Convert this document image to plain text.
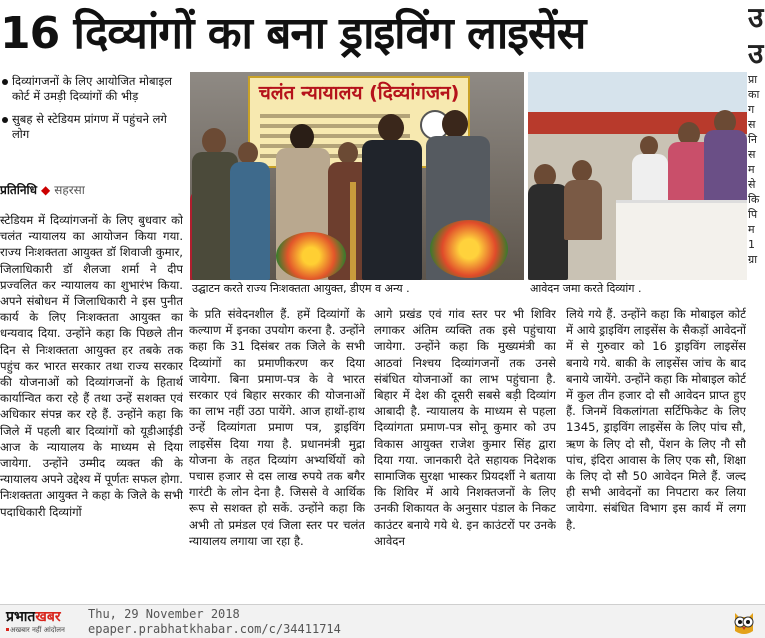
16 दिव्यांगों का बना ड्राइविंग लाइसेंस	उ
उ
प्रा का ग स नि स म से कि पि म 1 ग्रा
दिव्यांगजनों के लिए आयोजित मोबाइल कोर्ट में उमड़ी दिव्यांगों की भीड़
सुबह से स्टेडियम प्रांगण में पहुंचने लगे लोग
प्रतिनिधि ◆ सहरसा
स्टेडियम में दिव्यांगजनों के लिए बुधवार को चलंत न्यायालय का आयोजन किया गया. राज्य निःशक्तता आयुक्त डॉ शिवाजी कुमार, जिलाधिकारी डॉ शैलजा शर्मा ने दीप प्रज्वलित कर न्यायालय का शुभारंभ किया. अपने संबोधन में जिलाधिकारी ने इस पुनीत कार्य के लिए निःशक्तता आयुक्त का धन्यवाद दिया. उन्होंने कहा कि पिछले तीन दिन से निःशक्तता आयुक्त हर तबके तक पहुंच कर भारत सरकार तथा राज्य सरकार की योजनाओं को दिव्यांगजनों के हितार्थ कार्यान्वित करा रहे हैं तथा उन्हें सशक्त एवं अधिकार संपन्न कर रहे हैं. उन्होंने कहा कि जिले में पहली बार दिव्यांगों को यूडीआईडी आज के न्यायालय के माध्यम से दिया जायेगा. उन्होंने उम्मीद व्यक्त की के न्यायालय अपने उद्देश्य में पूर्णतः सफल होगा. निःशक्तता आयुक्त ने कहा के जिले के सभी पदाधिकारी दिव्यांगों
के प्रति संवेदनशील हैं. हमें दिव्यांगों के कल्याण में इनका उपयोग करना है. उन्होंने कहा कि 31 दिसंबर तक जिले के सभी दिव्यांगों का प्रमाणीकरण कर दिया जायेगा. बिना प्रमाण-पत्र के वे भारत सरकार एवं बिहार सरकार की योजनाओं का लाभ नहीं उठा पायेंगे. आज हाथों-हाथ उन्हें दिव्यांगता प्रमाण पत्र, ड्राइविंग लाइसेंस दिया गया है. प्रधानमंत्री मुद्रा योजना के तहत दिव्यांग अभ्यर्थियों को पचास हजार से दस लाख रुपये तक बगैर गारंटी के लोन देना है. जिससे वे आर्थिक रूप से सशक्त हो सकें. उन्होंने कहा कि अभी तो प्रमंडल एवं जिला स्तर पर चलंत न्यायालय लगाया जा रहा है.
आगे प्रखंड एवं गांव स्तर पर भी शिविर लगाकर अंतिम व्यक्ति तक इसे पहुंचाया जायेगा. उन्होंने कहा कि मुख्यमंत्री का आठवां निश्चय दिव्यांगजनों तक उनसे संबंधित योजनाओं का लाभ पहुंचाना है. बिहार में देश की दूसरी सबसे बड़ी दिव्यांग आबादी है. न्यायालय के माध्यम से पहला दिव्यांगता प्रमाण-पत्र सोनू कुमार को उप विकास आयुक्त राजेश कुमार सिंह द्वारा दिया गया. जानकारी देते सहायक निदेशक सामाजिक सुरक्षा भास्कर प्रियदर्शी ने बताया कि शिविर में आये निशक्तजनों के लिए उनकी शिकायत के अनुसार पंडाल के निकट काउंटर बनाये गये थे. इन काउंटरों पर उनके आवेदन
लिये गये हैं. उन्होंने कहा कि मोबाइल कोर्ट में आये ड्राइविंग लाइसेंस के सैकड़ों आवेदनों में से गुरुवार को 16 ड्राइविंग लाइसेंस बनाये गये. बाकी के लाइसेंस जांच के बाद बनाये जायेंगे. उन्होंने कहा कि मोबाइल कोर्ट में कुल तीन हजार दो सौ आवेदन प्राप्त हुए हैं. जिनमें विकलांगता सर्टिफिकेट के लिए 1345, ड्राइविंग लाइसेंस के लिए पांच सौ, ऋण के लिए दो सौ, पेंशन के लिए नौ सौ पांच, इंदिरा आवास के लिए एक सौ, शिक्षा के लिए दो सौ 50 आवेदन मिले हैं. जल्द ही सभी आवेदनों का निपटारा कर लिया जायेगा. संबंधित विभाग इस कार्य में लगा है.
चलंत न्यायालय (दिव्यांगजन)
उद्घाटन करते राज्य निःशक्तता आयुक्त, डीएम व अन्य .	आवेदन जमा करते दिव्यांग .
प्रभातखबर
अखबार नहीं आंदोलन
Thu, 29 November 2018
epaper.prabhatkhabar.com/c/34411714
